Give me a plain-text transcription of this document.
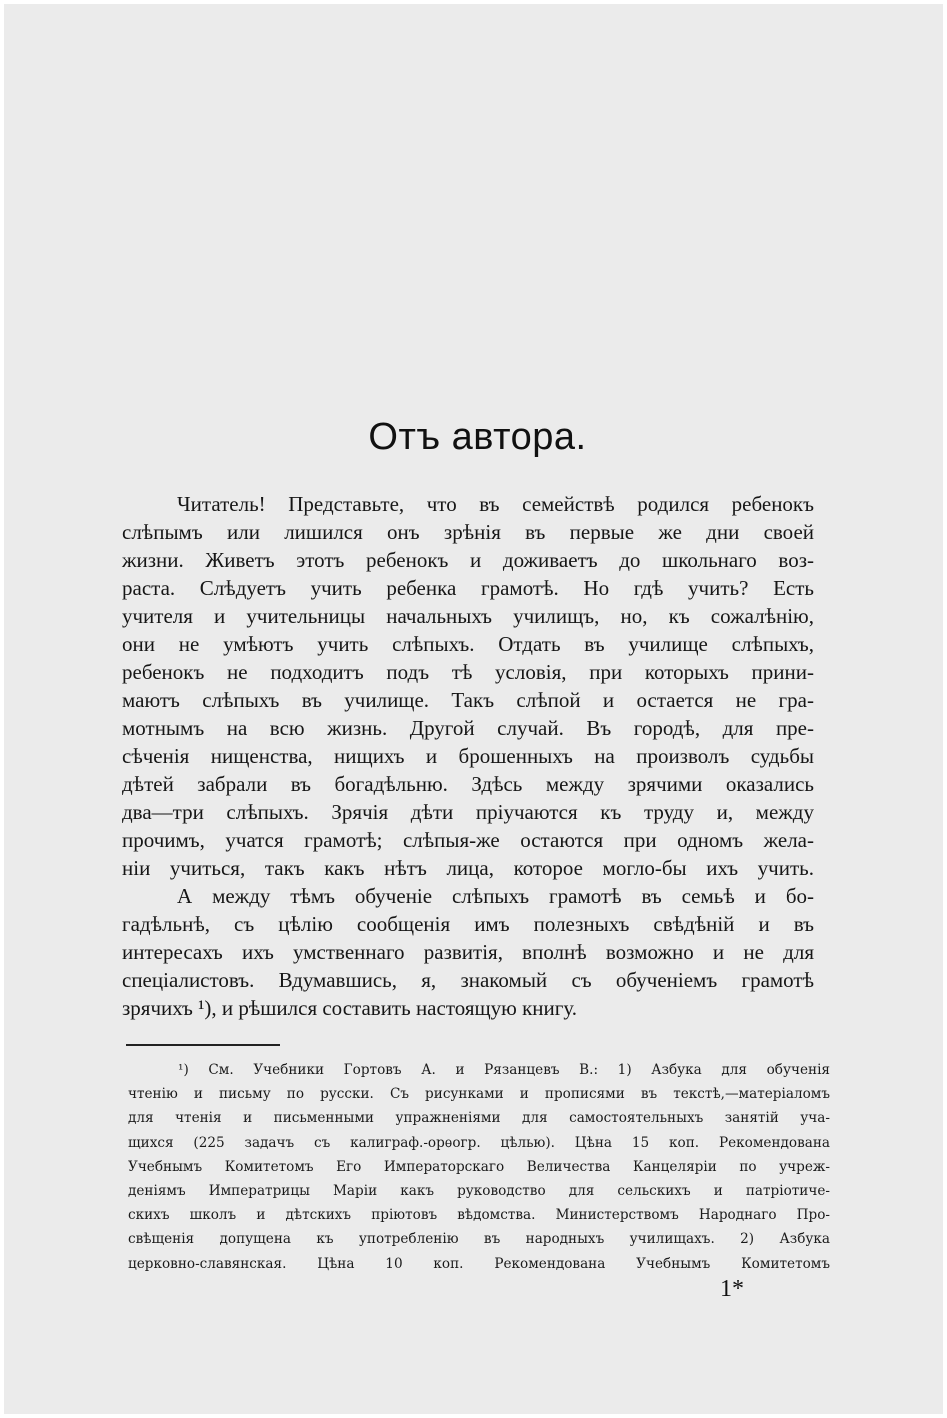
Отъ автора.
Читатель! Представьте, что въ семействѣ родился ребенокъ
слѣпымъ или лишился онъ зрѣнія въ первые же дни своей
жизни. Живетъ этотъ ребенокъ и доживаетъ до школьнаго воз-
раста. Слѣдуетъ учить ребенка грамотѣ. Но гдѣ учить? Есть
учителя и учительницы начальныхъ училищъ, но, къ сожалѣнію,
они не умѣютъ учить слѣпыхъ. Отдать въ училище слѣпыхъ,
ребенокъ не подходитъ подъ тѣ условія, при которыхъ прини-
маютъ слѣпыхъ въ училище. Такъ слѣпой и остается не гра-
мотнымъ на всю жизнь. Другой случай. Въ городѣ, для пре-
сѣченія нищенства, нищихъ и брошенныхъ на произволъ судьбы
дѣтей забрали въ богадѣльню. Здѣсь между зрячими оказались
два—три слѣпыхъ. Зрячія дѣти пріучаются къ труду и, между
прочимъ, учатся грамотѣ; слѣпыя-же остаются при одномъ жела-
ніи учиться, такъ какъ нѣтъ лица, которое могло-бы ихъ учить.
А между тѣмъ обученіе слѣпыхъ грамотѣ въ семьѣ и бо-
гадѣльнѣ, съ цѣлію сообщенія имъ полезныхъ свѣдѣній и въ
интересахъ ихъ умственнаго развитія, вполнѣ возможно и не для
спеціалистовъ. Вдумавшись, я, знакомый съ обученіемъ грамотѣ
зрячихъ ¹), и рѣшился составить настоящую книгу.
¹) См. Учебники Гортовъ А. и Рязанцевъ В.: 1) Азбука для обученія
чтенію и письму по русски. Съ рисунками и прописями въ текстѣ,—матеріаломъ
для чтенія и письменными упражненіями для самостоятельныхъ занятій уча-
щихся (225 задачъ съ калиграф.-орѳогр. цѣлью). Цѣна 15 коп. Рекомендована
Учебнымъ Комитетомъ Его Императорскаго Величества Канцеляріи по учреж-
деніямъ Императрицы Маріи какъ руководство для сельскихъ и патріотиче-
скихъ школъ и дѣтскихъ пріютовъ вѣдомства. Министерствомъ Народнаго Про-
свѣщенія допущена къ употребленію въ народныхъ училищахъ. 2) Азбука
церковно-славянская. Цѣна 10 коп. Рекомендована Учебнымъ Комитетомъ
1*
